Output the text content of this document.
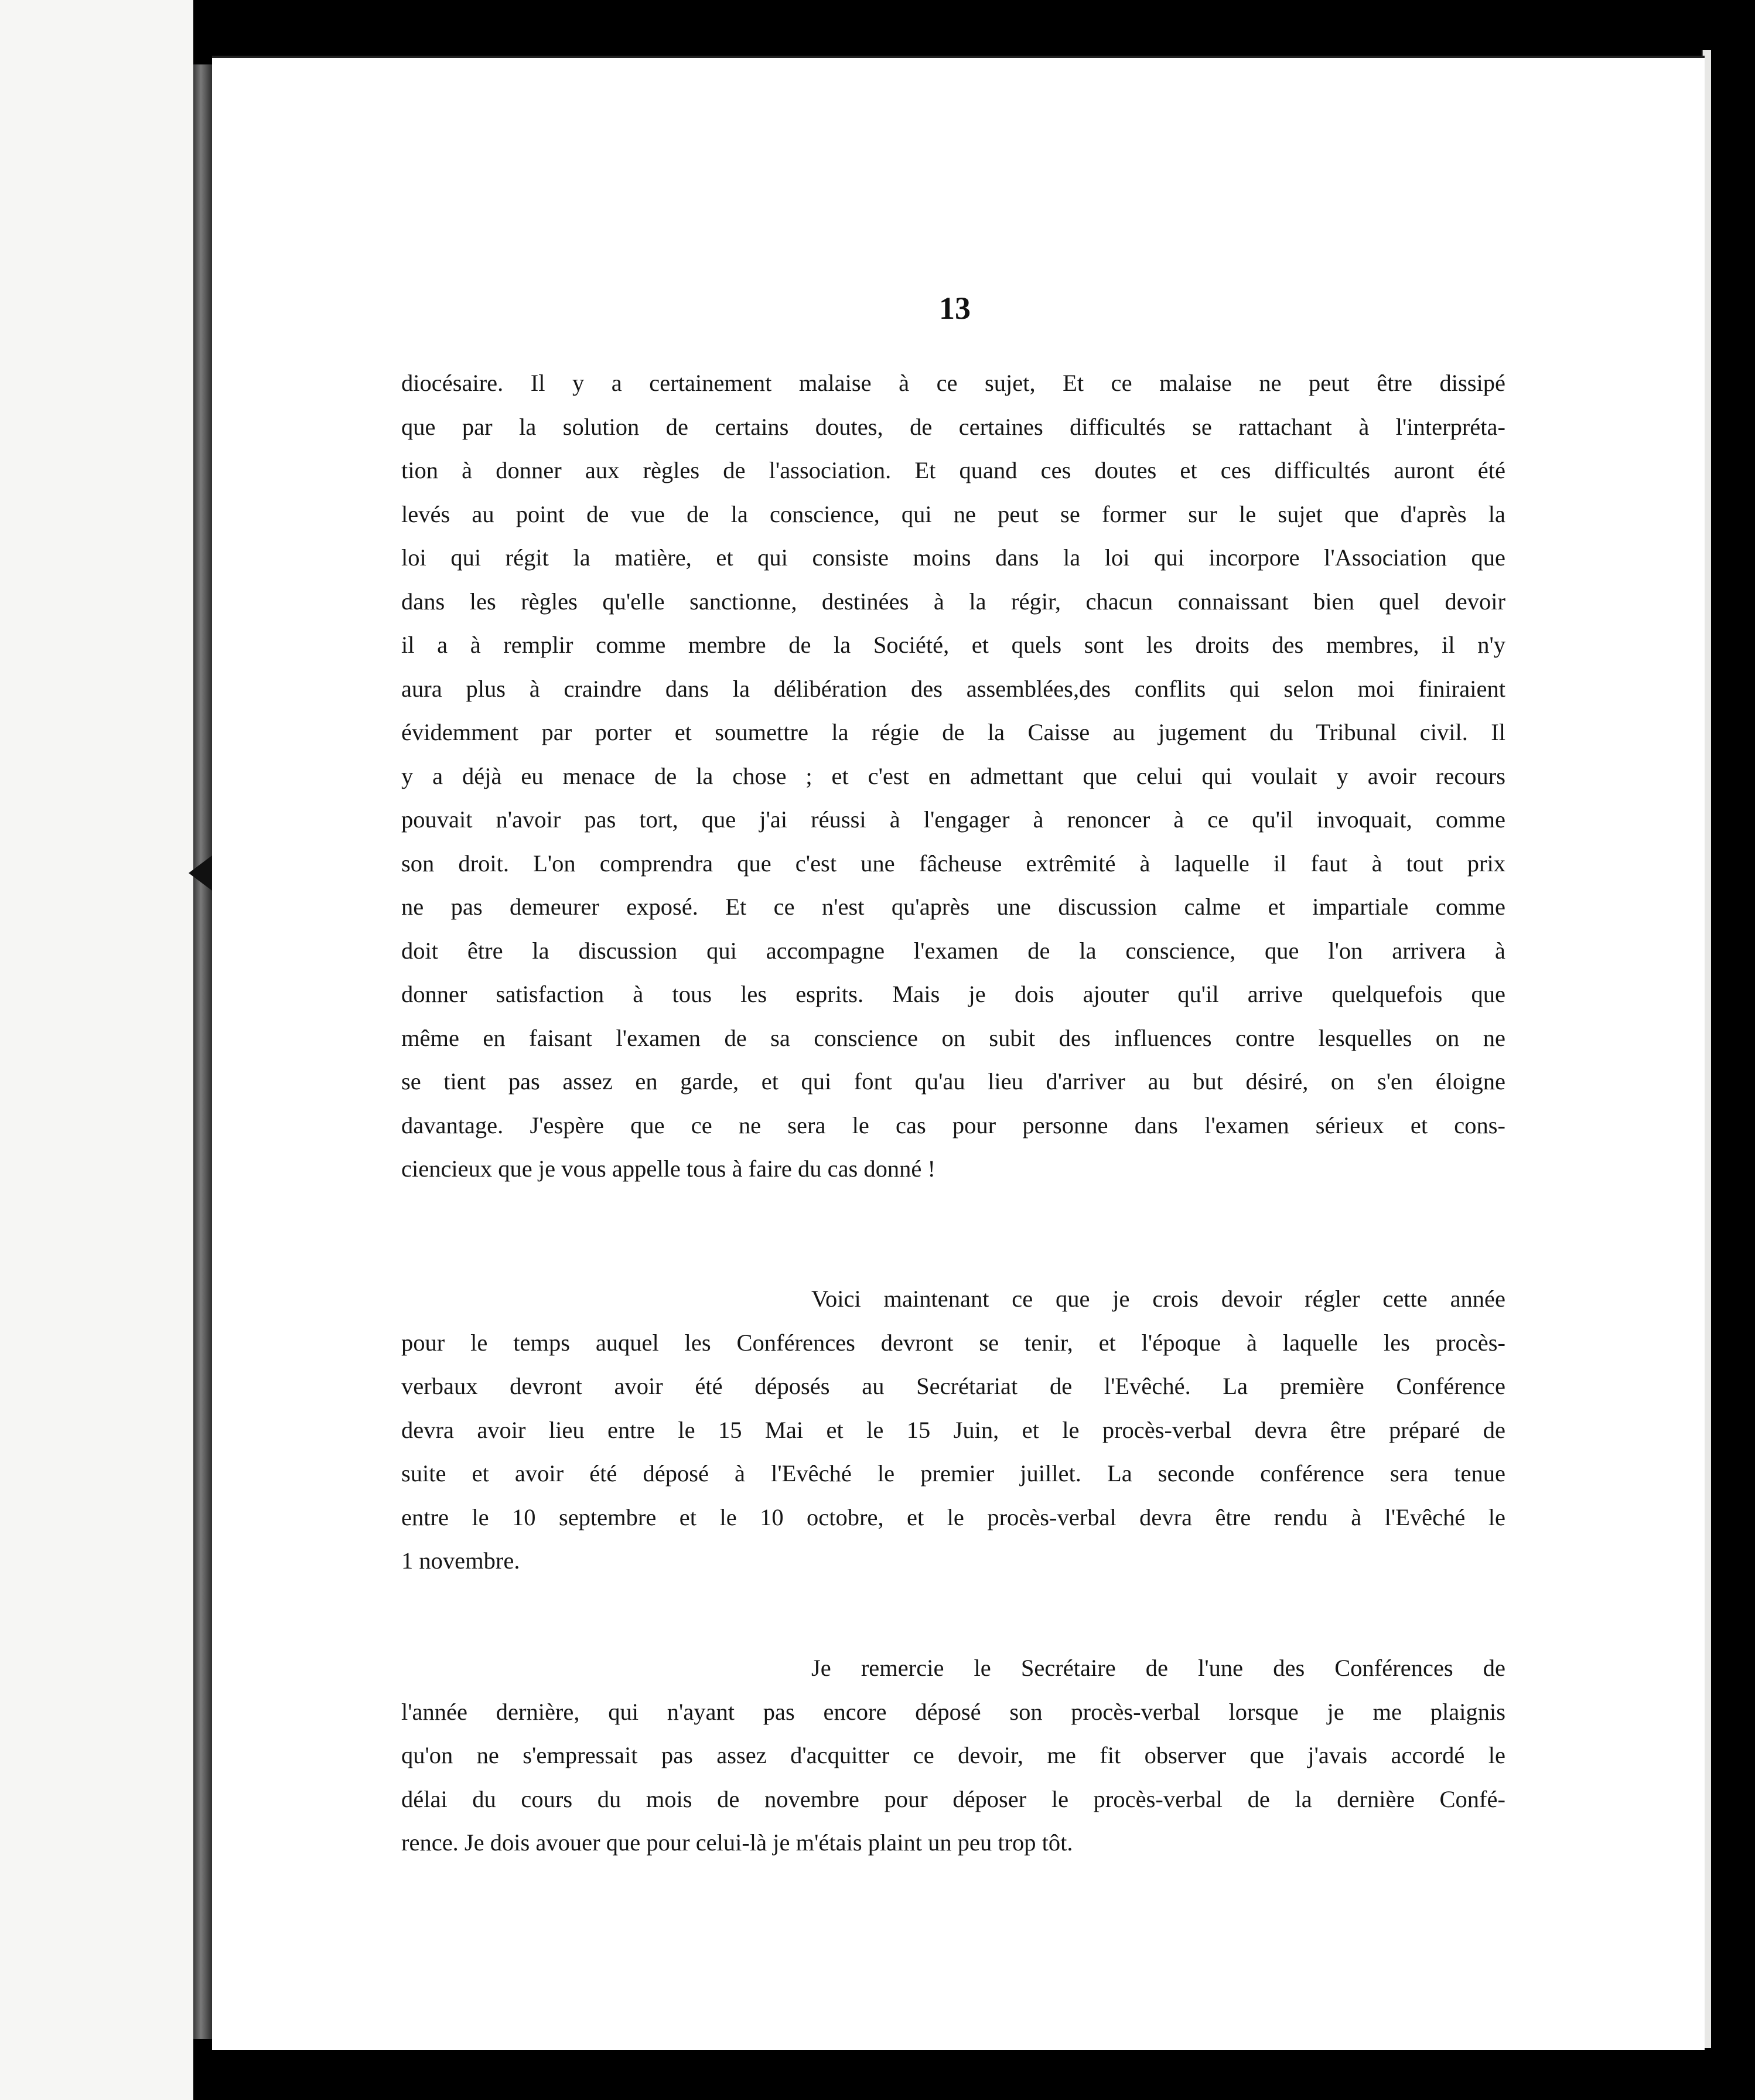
13
diocésaire. Il y a certainement malaise à ce sujet, Et ce malaise ne peut être dissipé
que par la solution de certains doutes, de certaines difficultés se rattachant à l'interpréta-
tion à donner aux règles de l'association. Et quand ces doutes et ces difficultés auront été
levés au point de vue de la conscience, qui ne peut se former sur le sujet que d'après la
loi qui régit la matière, et qui consiste moins dans la loi qui incorpore l'Association que
dans les règles qu'elle sanctionne, destinées à la régir, chacun connaissant bien quel devoir
il a à remplir comme membre de la Société, et quels sont les droits des membres, il n'y
aura plus à craindre dans la délibération des assemblées,des conflits qui selon moi finiraient
évidemment par porter et soumettre la régie de la Caisse au jugement du Tribunal civil. Il
y a déjà eu menace de la chose ; et c'est en admettant que celui qui voulait y avoir recours
pouvait n'avoir pas tort, que j'ai réussi à l'engager à renoncer à ce qu'il invoquait, comme
son droit. L'on comprendra que c'est une fâcheuse extrêmité à laquelle il faut à tout prix
ne pas demeurer exposé. Et ce n'est qu'après une discussion calme et impartiale comme
doit être la discussion qui accompagne l'examen de la conscience, que l'on arrivera à
donner satisfaction à tous les esprits. Mais je dois ajouter qu'il arrive quelquefois que
même en faisant l'examen de sa conscience on subit des influences contre lesquelles on ne
se tient pas assez en garde, et qui font qu'au lieu d'arriver au but désiré, on s'en éloigne
davantage. J'espère que ce ne sera le cas pour personne dans l'examen sérieux et cons-
ciencieux que je vous appelle tous à faire du cas donné !
Voici maintenant ce que je crois devoir régler cette année
pour le temps auquel les Conférences devront se tenir, et l'époque à laquelle les procès-
verbaux devront avoir été déposés au Secrétariat de l'Evêché. La première Conférence
devra avoir lieu entre le 15 Mai et le 15 Juin, et le procès-verbal devra être préparé de
suite et avoir été déposé à l'Evêché le premier juillet. La seconde conférence sera tenue
entre le 10 septembre et le 10 octobre, et le procès-verbal devra être rendu à l'Evêché le
1 novembre.
Je remercie le Secrétaire de l'une des Conférences de
l'année dernière, qui n'ayant pas encore déposé son procès-verbal lorsque je me plaignis
qu'on ne s'empressait pas assez d'acquitter ce devoir, me fit observer que j'avais accordé le
délai du cours du mois de novembre pour déposer le procès-verbal de la dernière Confé-
rence. Je dois avouer que pour celui-là je m'étais plaint un peu trop tôt.
